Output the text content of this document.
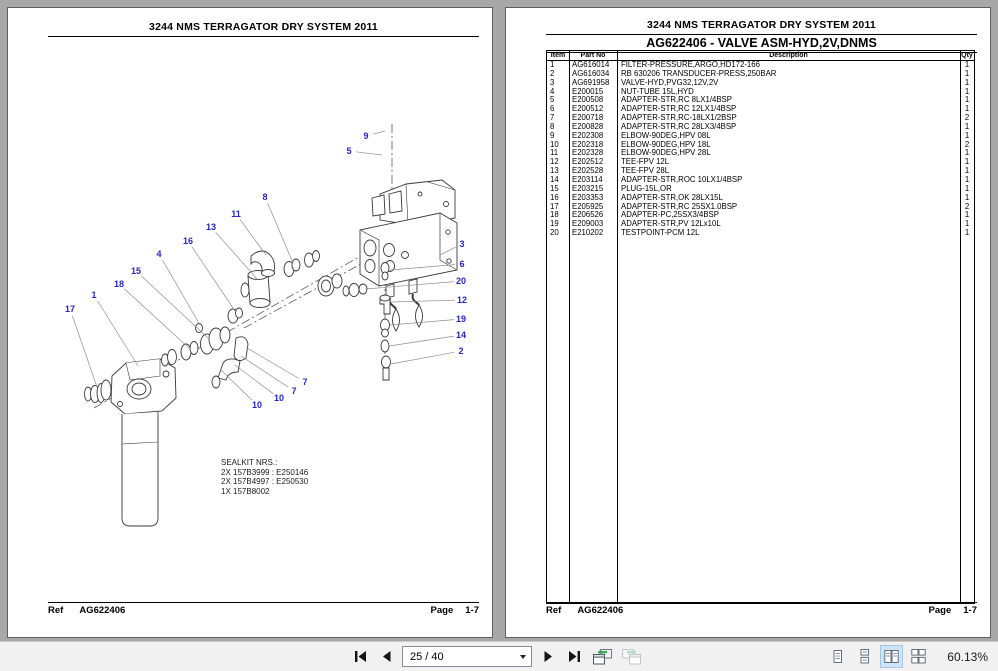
9
5
8
11
13
16
4
15
18
1
17
3
6
20
12
19
14
2
7
7
10
10
3244 NMS TERRAGATOR DRY SYSTEM 2011
SEALKIT NRS.:
2X 157B3999 : E250146
2X 157B4997 : E250530
1X 157B8002
Ref AG622406	Page 1-7
3244 NMS TERRAGATOR DRY SYSTEM 2011
AG622406 - VALVE ASM-HYD,2V,DNMS
Item	Part No	Description	Qty
1	AG616014	FILTER-PRESSURE,ARGO,HD172-166	1
2	AG616034	RB 630206 TRANSDUCER-PRESS,250BAR	1
3	AG691958	VALVE-HYD,PVG32,12V,2V	1
4	E200015	NUT-TUBE 15L,HYD	1
5	E200508	ADAPTER-STR,RC 8LX1/4BSP	1
6	E200512	ADAPTER-STR,RC 12LX1/4BSP	1
7	E200718	ADAPTER-STR,RC-18LX1/2BSP	2
8	E200828	ADAPTER-STR,RC 28LX3/4BSP	1
9	E202308	ELBOW-90DEG,HPV 08L	1
10	E202318	ELBOW-90DEG,HPV 18L	2
11	E202328	ELBOW-90DEG,HPV 28L	1
12	E202512	TEE-FPV 12L	1
13	E202528	TEE-FPV 28L	1
14	E203114	ADAPTER-STR,ROC 10LX1/4BSP	1
15	E203215	PLUG-15L,OR	1
16	E203353	ADAPTER-STR,OK 28LX15L	1
17	E205925	ADAPTER-STR,RC 25SX1.0BSP	2
18	E206526	ADAPTER-PC,25SX3/4BSP	1
19	E209003	ADAPTER-STR,PV 12Lx10L	1
20	E210202	TESTPOINT-PCM 12L	1
Ref AG622406	Page 1-7
25 / 40	60.13%
